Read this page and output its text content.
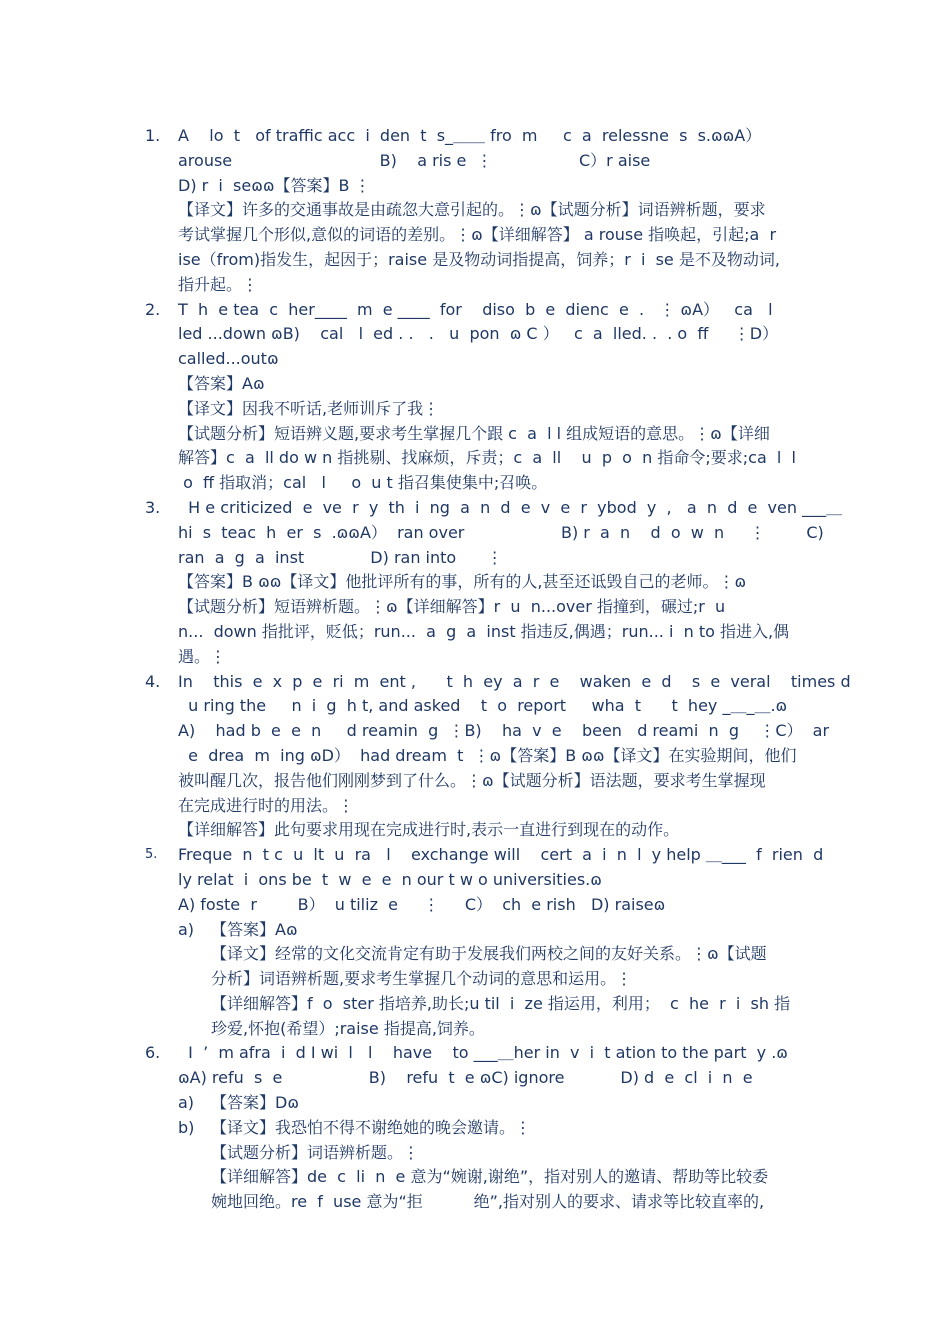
1.	A    lo  t   of traffic acc  i  den  t  s_＿＿ fro  m     c  a  relessne  s  s.ɷɷA）
arouse                             B)    a ris e  ⋮                 C）r aise
D) r  i  seɷɷ【答案】B ⋮
【译文】许多的交通事故是由疏忽大意引起的。⋮ɷ【试题分析】词语辨析题，要求
考试掌握几个形似,意似的词语的差别。⋮ɷ【详细解答】 a rouse 指唤起，引起;a  r
ise（from)指发生，起因于；raise 是及物动词指提高，饲养；r  i  se 是不及物动词,
指升起。⋮
2.	T  h  e tea  c  her____  m  e ____  for    diso  b  e  dienc  e  .   ⋮ ɷA）   ca   l
led ...down ɷB)    cal   l  ed . .   .   u  pon  ɷ C ）   c  a  lled. .  . o  ff     ⋮D）
called...outɷ
【答案】Aɷ
【译文】因我不听话,老师训斥了我⋮
【试题分析】短语辨义题,要求考生掌握几个跟 c  a  l l 组成短语的意思。⋮ɷ【详细
解答】c  a  ll do w n 指挑剔、找麻烦，斥责；c  a  ll    u  p  o  n 指命令;要求;ca  l  l
o  ff 指取消；cal   l     o  u t 指召集使集中;召唤。
3.	H e criticized  e  ve  r  y  th  i  ng  a  n  d  e  v  e  r  ybod  y  ,   a  n  d  e  ven ___＿
hi  s  teac  h  er  s  .ɷɷA）  ran over                   B) r  a  n    d  o  w  n     ⋮        C)
ran  a  g  a  inst             D) ran into      ⋮
【答案】B ɷɷ【译文】他批评所有的事，所有的人,甚至还诋毁自己的老师。⋮ɷ
【试题分析】短语辨析题。⋮ɷ【详细解答】r  u  n...over 指撞到，碾过;r  u
n...  down 指批评，贬低；run...  a  g  a  inst 指违反,偶遇；run... i  n to 指进入,偶
遇。⋮
4.	In    this  e  x  p  e  ri  m  ent ,      t  h  ey  a  r  e    waken  e  d    s  e  veral    times d
u ring the     n  i  g  h t, and asked    t  o  report     wha  t      t  hey _＿_＿.ɷ
A)    had b  e  e  n     d reamin  g  ⋮B)    ha  v  e    been   d reami  n  g    ⋮C）  ar
e  drea  m  ing ɷD）  had dream  t  ⋮ɷ【答案】B ɷɷ【译文】在实验期间，他们
被叫醒几次，报告他们刚刚梦到了什么。⋮ɷ【试题分析】语法题，要求考生掌握现
在完成进行时的用法。⋮
【详细解答】此句要求用现在完成进行时,表示一直进行到现在的动作。
5.	Freque  n  t c  u  lt  u  ra   l    exchange will    cert  a  i  n  l  y help ＿___  f  rien  d
ly relat  i  ons be  t  w  e  e  n our t w o universities.ɷ
A) foste  r        B）  u tiliz  e     ⋮     C）  ch  e rish   D) raiseɷ
a)	【答案】Aɷ
【译文】经常的文化交流肯定有助于发展我们两校之间的友好关系。⋮ɷ【试题
分析】词语辨析题,要求考生掌握几个动词的意思和运用。⋮
【详细解答】f  o  ster 指培养,助长;u til  i  ze 指运用，利用；  c  he  r  i  sh 指
珍爱,怀抱(希望）;raise 指提高,饲养。
6.	I  ’  m afra  i  d I wi  l   l    have    to ___＿her in  v  i  t ation to the part  y .ɷ
ɷA) refu  s  e                 B)    refu  t  e ɷC) ignore           D) d  e  cl  i  n  e
a)	【答案】Dɷ
b)	【译文】我恐怕不得不谢绝她的晚会邀请。⋮
【试题分析】词语辨析题。⋮
【详细解答】de  c  li  n  e 意为“婉谢,谢绝”，指对别人的邀请、帮助等比较委
婉地回绝。re  f  use 意为“拒          绝”,指对别人的要求、请求等比较直率的,
